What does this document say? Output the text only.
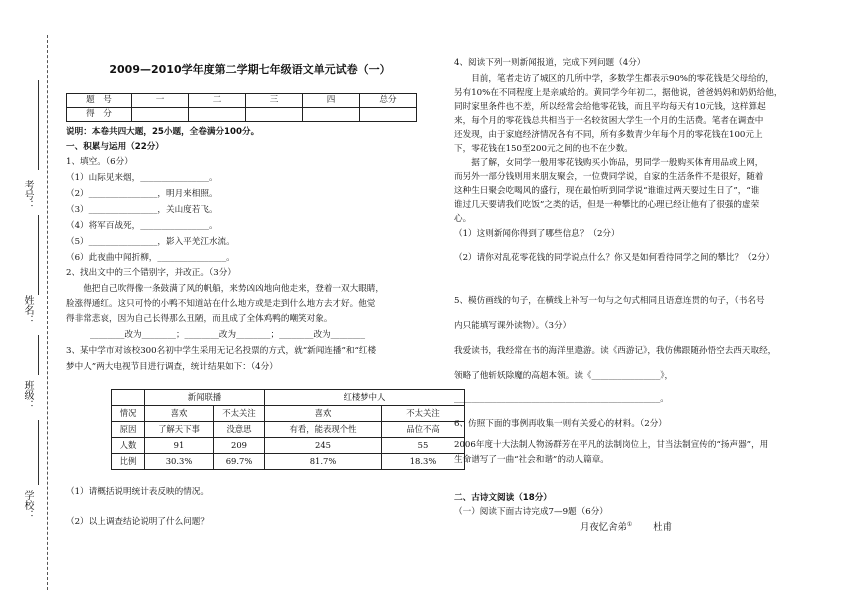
考号：
姓名：
班级：
学校：
2009—2010学年度第二学期七年级语文单元试卷（一）
题　号	一	二	三	四	总分
得　分					
说明：本卷共四大题，25小题，全卷满分100分。
一、积累与运用（22分）
1、填空。（6分）
（1）山际见来烟，________________。
（2）________________，明月来相照。
（3）________________，关山度若飞。
（4）将军百战死，________________。
（5）________________，影入平羌江水流。
（6）此夜曲中闻折柳，________________。
2、找出文中的三个错别字，并改正。（3分）
　　他把自己吹得像一条鼓满了风的帆船，来势凶凶地向他走来，登着一双大眼睛，
脸涨得通红。这只可怜的小鸭不知道站在什么地方或是走到什么地方去才好。他觉
得非常悲哀，因为自己长得那么丑陋，而且成了全体鸡鸭的嘲笑对象。
________改为________；________改为________；________改为________
3、某中学市对该校300名初中学生采用无记名投票的方式，就“新闻连播”和“红楼
梦中人”两大电视节目进行调查，统计结果如下：（4分）
	新闻联播		红楼梦中人	
情况	喜欢	不太关注	喜欢	不太关注
原因	了解天下事	没意思	有看，能表现个性	品位不高
人数	91	209	245	55
比例	30.3%	69.7%	81.7%	18.3%
（1）请概括说明统计表反映的情况。
（2）以上调查结论说明了什么问题？
4、阅读下列一则新闻报道，完成下列问题（4分）
　　目前，笔者走访了城区的几所中学，多数学生都表示90%的零花钱是父母给的，
另有10%在不同程度上是亲戚给的。黄同学今年初二，据他说，爸爸妈妈和奶奶给他，
同时家里条件也不差，所以经常会给他零花钱，而且平均每天有10元钱，这样算起
来，每个月的零花钱总共相当于一名较贫困大学生一个月的生活费。笔者在调查中
还发现，由于家庭经济情况各有不同，所有多数青少年每个月的零花钱在100元上
下，零花钱在150至200元之间的也不在少数。
　　据了解，女同学一般用零花钱购买小饰品，男同学一般购买体育用品或上网，
而另外一部分钱则用来朋友聚会，一位费同学说，自家的生活条件不是很好，随着
这种生日聚会吃喝风的盛行，现在最怕听到同学说“谁谁过两天要过生日了”，“谁
谁过几天要请我们吃饭”之类的话，但是一种攀比的心理已经让他有了很强的虚荣
心。
（1）这则新闻你得到了哪些信息？（2分）
（2）请你对乱花零花钱的同学说点什么？你又是如何看待同学之间的攀比？（2分）
5、模仿画线的句子，在横线上补写一句与之句式相同且语意连贯的句子，（书名号
内只能填写课外读物）。（3分）
我爱读书，我经常在书的海洋里遨游。读《西游记》，我仿佛跟随孙悟空去西天取经，
领略了他斩妖除魔的高超本领。读《________________》，
________________________________________________。
6、仿照下面的事例再收集一则有关爱心的材料。（2分）
2006年度十大法制人物汤群芳在平凡的法制岗位上，甘当法制宣传的“扬声器”，用
生命谱写了一曲“社会和谐”的动人篇章。
二、古诗文阅读（18分）
（一）阅读下面古诗完成7—9题（6分）
月夜忆舍弟① 杜甫
